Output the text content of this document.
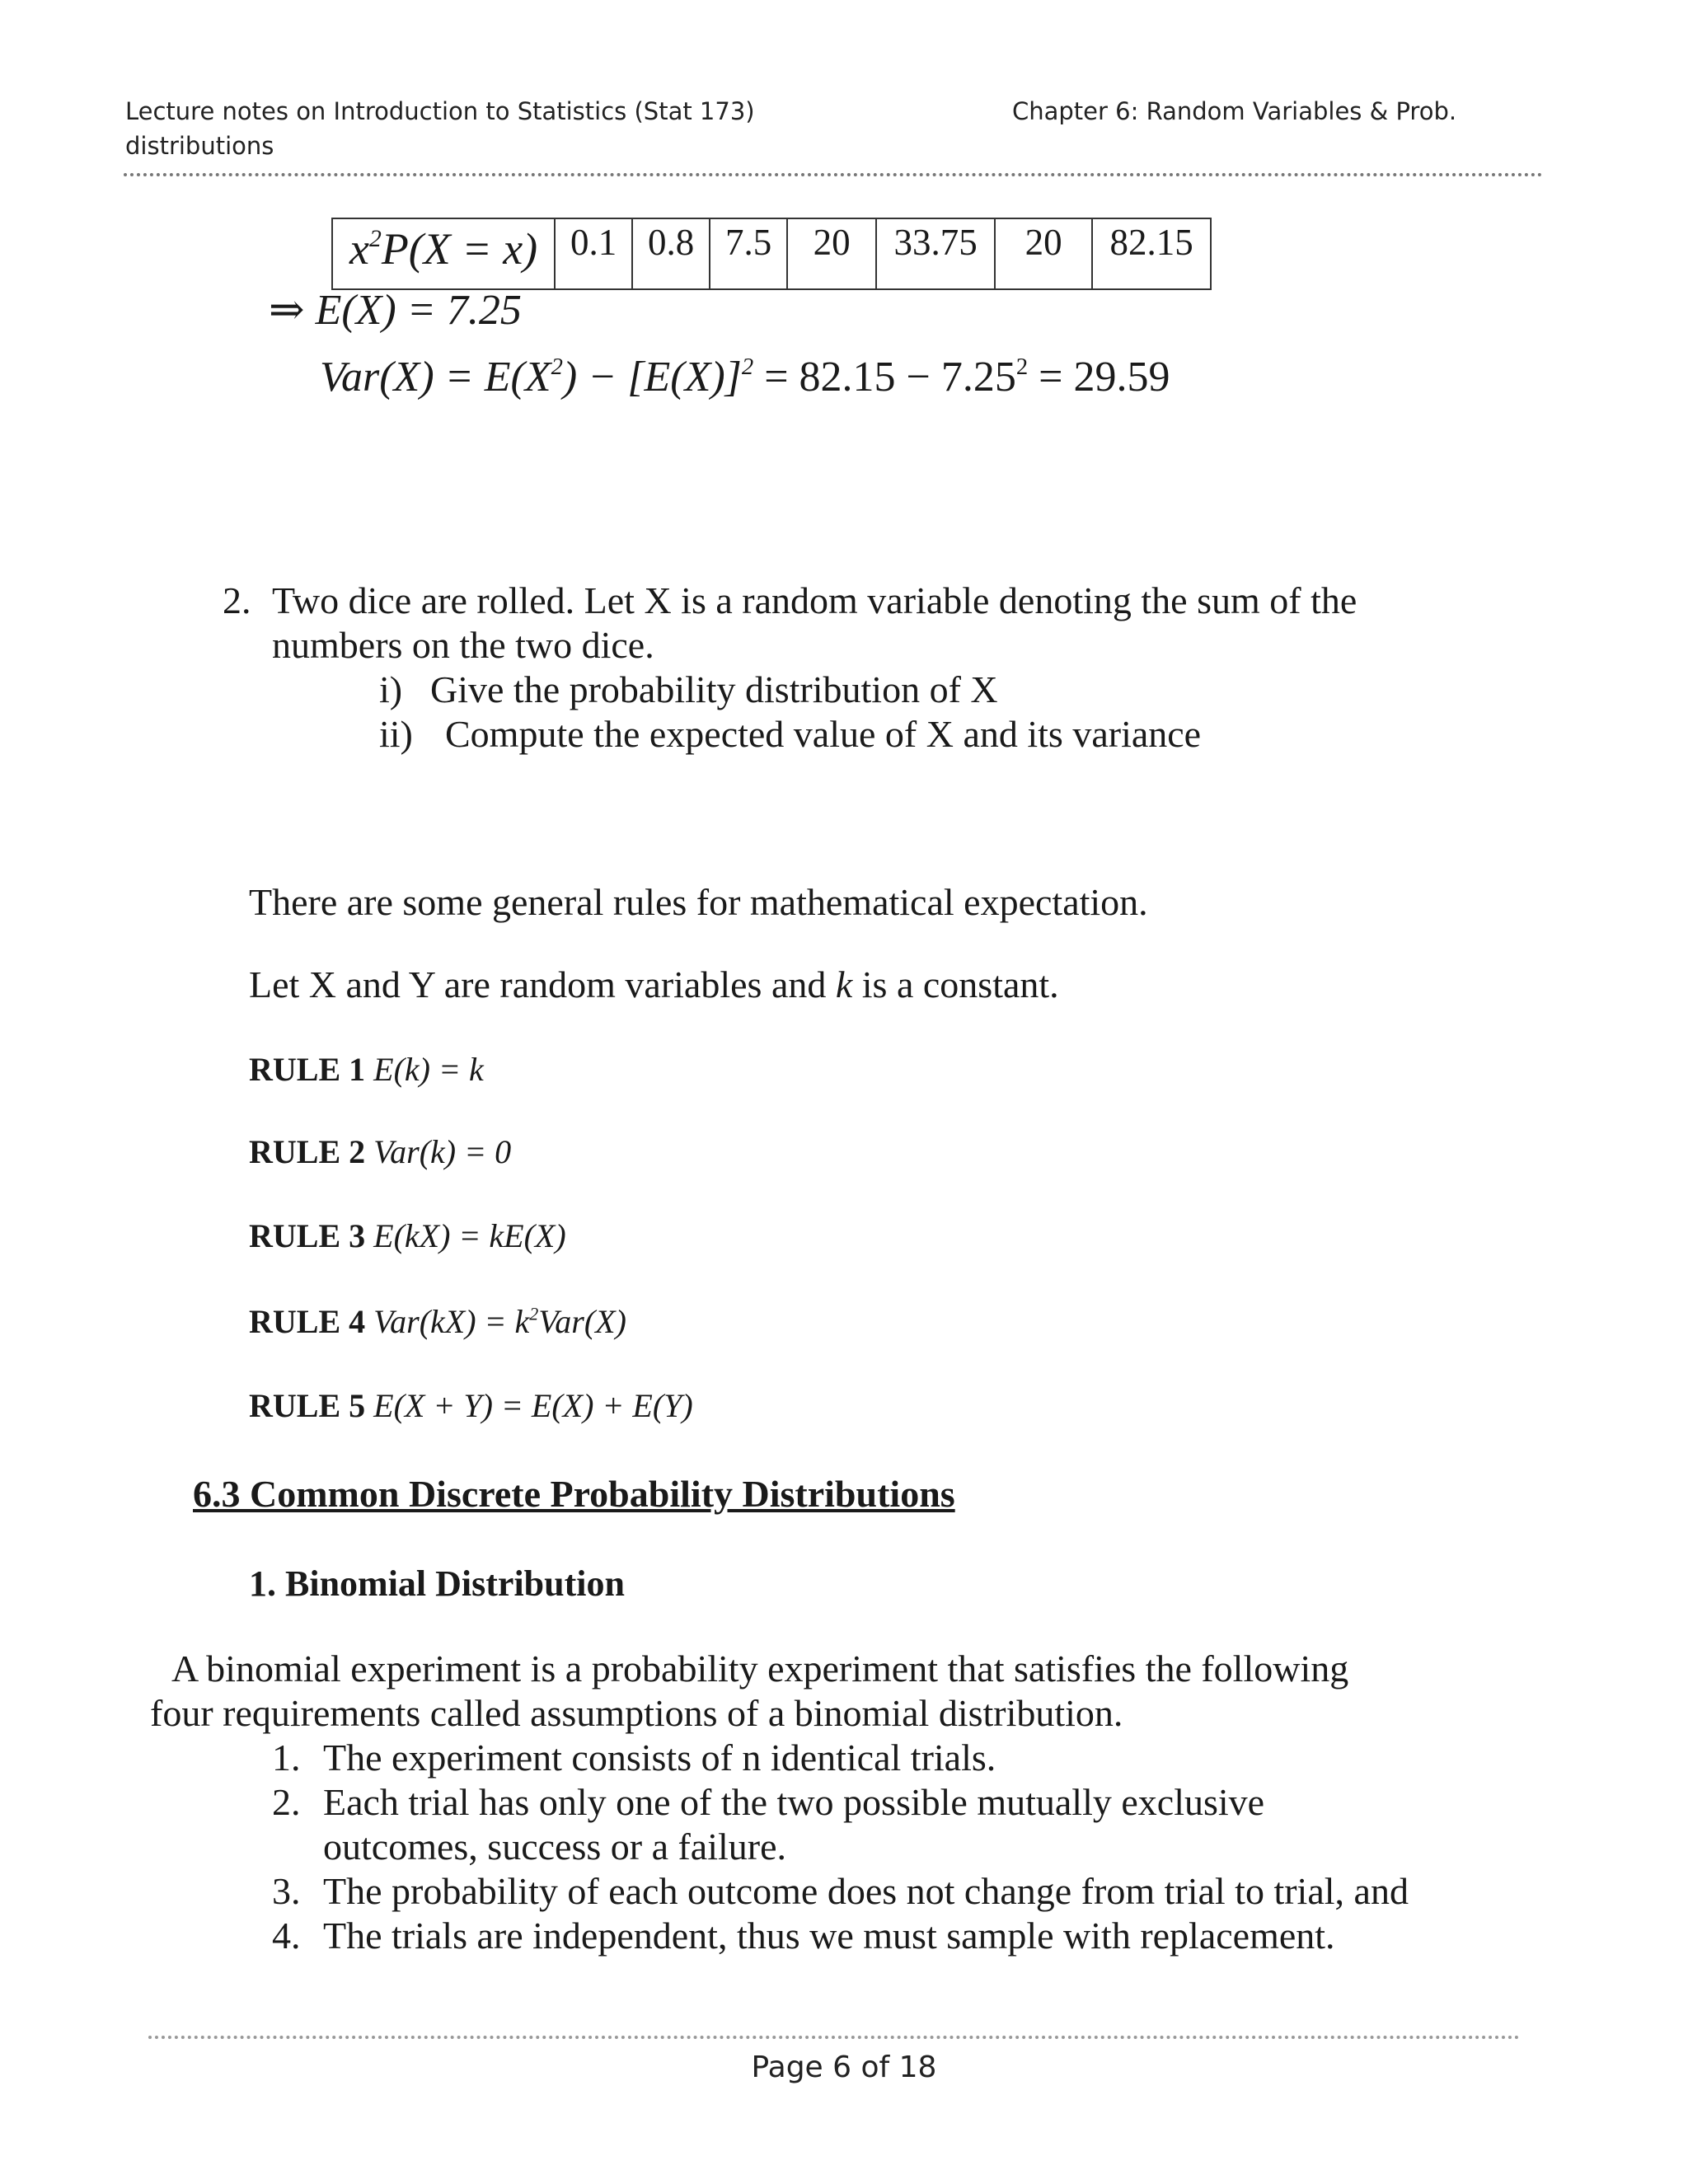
Lecture notes on Introduction to Statistics (Stat 173)	Chapter 6: Random Variables & Prob.
distributions
$x^2P(X = x)$	0.1	0.8	7.5	20	33.75	20	82.15
⇒ E(X) = 7.25
$Var(X) = E(X^2) - [E(X)]^2 = 82.15 - 7.25^2 = 29.59$
2. Two dice are rolled. Let X is a random variable denoting the sum of the
numbers on the two dice.
i) Give the probability distribution of X
ii) Compute the expected value of X and its variance
There are some general rules for mathematical expectation.
Let X and Y are random variables and k is a constant.
RULE 1 E(k) = k
RULE 2 Var(k) = 0
RULE 3 E(kX) = kE(X)
RULE 4 $Var(kX) = k^2Var(X)$
RULE 5 E(X + Y) = E(X) + E(Y)
6.3 Common Discrete Probability Distributions
1. Binomial Distribution
A binomial experiment is a probability experiment that satisfies the following
four requirements called assumptions of a binomial distribution.
1. The experiment consists of n identical trials.
2. Each trial has only one of the two possible mutually exclusive
outcomes, success or a failure.
3. The probability of each outcome does not change from trial to trial, and
4. The trials are independent, thus we must sample with replacement.
Page 6 of 18
